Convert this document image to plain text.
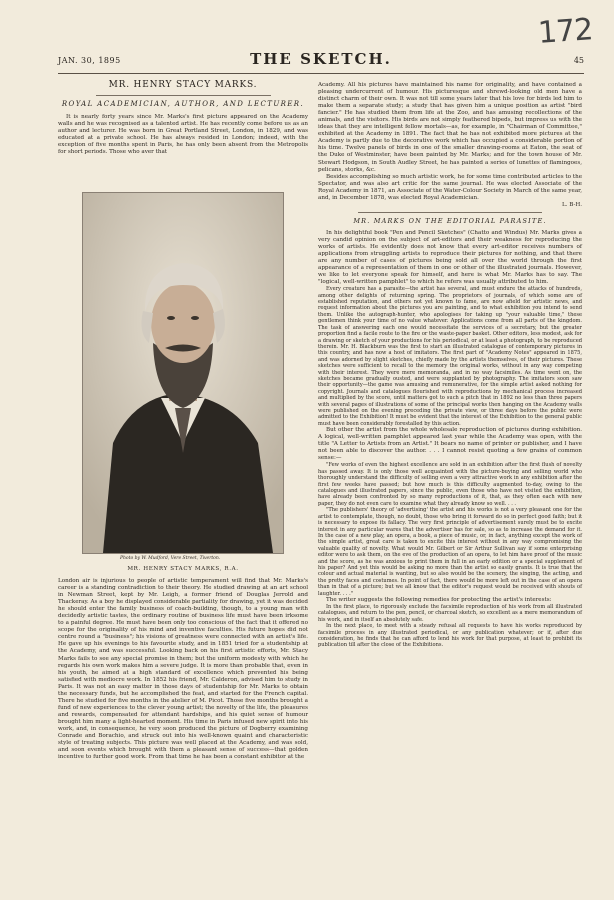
172
JAN. 30, 1895	THE SKETCH.	45
MR. HENRY STACY MARKS.
ROYAL ACADEMICIAN, AUTHOR, AND LECTURER.

It is nearly forty years since Mr. Marks's first picture appeared on the Academy walls and he was recognised as a talented artist. He has recently come before us as an author and lecturer. He was born in Great Portland Street, London, in 1829, and was educated at a private school. He has always resided in London; indeed, with the exception of five months spent in Paris, he has only been absent from the Metropolis for short periods. Those who aver that

Photo by W. Mudford, Vere Street, Tiverton.
MR. HENRY STACY MARKS, R.A.

London air is injurious to people of artistic temperament will find that Mr. Marks's career is a standing contradiction to their theory. He studied drawing at an art school in Newman Street, kept by Mr. Leigh, a former friend of Douglas Jerrold and Thackeray. As a boy he displayed considerable partiality for drawing, yet it was decided he should enter the family business of coach-building, though, to a young man with decidedly artistic tastes, the ordinary routine of business life must have been irksome to a painful degree. He must have been only too conscious of the fact that it offered no scope for the originality of his mind and inventive faculties. His future hopes did not centre round a "business"; his visions of greatness were connected with an artist's life. He gave up his evenings to his favourite study, and in 1851 tried for a studentship at the Academy, and was successful. Looking back on his first artistic efforts, Mr. Stacy Marks fails to see any special promise in them; but the uniform modesty with which he regards his own work makes him a severe judge. It is more than probable that, even in his youth, he aimed at a high standard of excellence which prevented his being satisfied with mediocre work. In 1852 his friend, Mr. Calderon, advised him to study in Paris. It was not an easy matter in those days of studentship for Mr. Marks to obtain the necessary funds, but he accomplished the feat, and started for the French capital. There he studied for five months in the atelier of M. Picot. Those five months brought a fund of new experiences to the clever young artist; the novelty of the life, the pleasures and rewards, compensated for attendant hardships, and his quiet sense of humour brought him many a light-hearted moment. His time in Paris infused new spirit into his work, and, in consequence, he very soon produced the picture of Dogberry examining Conrade and Borachio, and struck out into his well-known quaint and characteristic style of treating subjects. This picture was well placed at the Academy, and was sold, and soon events which brought with them a pleasant sense of success—that golden incentive to further good work. From that time he has been a constant exhibitor at the

Academy. All his pictures have maintained his name for originality, and have contained a pleasing undercurrent of humour. His picturesque and shrewd-looking old men have a distinct charm of their own. It was not till some years later that his love for birds led him to make them a separate study; a study that has given him a unique position as artist "bird fancier." He has studied them from life at the Zoo, and has amusing recollections of the animals, and the visitors. His birds are not simply feathered bipeds, but impress us with the ideas that they are intelligent fellow mortals—as, for example, in "Chairman of Committee," exhibited at the Academy in 1891. The fact that he has not exhibited more pictures at the Academy is partly due to the decorative work which has occupied a considerable portion of his time. Twelve panels of birds in one of the smaller drawing-rooms at Eaton, the seat of the Duke of Westminster, have been painted by Mr. Marks; and for the town house of Mr. Stewart Hodgson, in South Audley Street, he has painted a series of lunettes of flamingoes, pelicans, storks, &c.

Besides accomplishing so much artistic work, he for some time contributed articles to the Spectator, and was also art critic for the same journal. He was elected Associate of the Royal Academy in 1871, an Associate of the Water-Colour Society in March of the same year, and, in December 1878, was elected Royal Academician.

L. B-H.
MR. MARKS ON THE EDITORIAL PARASITE.

In his delightful book "Pen and Pencil Sketches" (Chatto and Windus) Mr. Marks gives a very candid opinion on the subject of art-editors and their weakness for reproducing the works of artists. He evidently does not know that every art-editor receives numbers of applications from struggling artists to reproduce their pictures for nothing, and that there are any number of cases of pictures being sold all over the world through the first appearance of a representation of them in one or other of the illustrated journals. However, we like to let everyone speak for himself, and here is what Mr. Marks has to say. The "logical, well-written pamphlet" to which he refers was usually attributed to him.

Every creature has a parasite—the artist has several, and must endure the attacks of hundreds, among other delights of returning spring. The proprietors of journals, of which some are of established reputation, and others not yet known to fame, are now afield for artistic news, and request information about the pictures you are painting, and to what exhibition you intend to send them. Unlike the autograph-hunter, who apologises for taking up "your valuable time," these gentlemen think your time of no value whatever. Applications come from all parts of the kingdom. The task of answering each one would necessitate the services of a secretary, but the greater proportion find a facile route to the fire or the waste-paper basket. Other editors, less modest, ask for a drawing or sketch of your productions for his periodical, or at least a photograph, to be reproduced therein. Mr. H. Blackburn was the first to start an illustrated catalogue of contemporary pictures in this country, and has now a host of imitators. The first part of "Academy Notes" appeared in 1875, and was adorned by slight sketches, chiefly made by the artists themselves, of their pictures. These sketches were sufficient to recall to the memory the original works, without in any way competing with their interest. They were mere memoranda, and in no way facsimiles. As time went on, the sketches became gradually ousted, and were supplanted by photography. The imitators soon saw their opportunity—the game was amusing and remunerative, for the simple artist asked nothing for copyright. Journals and catalogues flourished with reproductions by mechanical process increased and multiplied by the score, until matters got to such a pitch that in 1892 no less than three papers with several pages of illustrations of some of the principal works then hanging on the Academy walls were published on the evening preceding the private view, or three days before the public were admitted to the Exhibition! It must be evident that the interest of the Exhibition to the general public must have been considerably forestalled by this action.

But other the artist from the whole wholesale reproduction of pictures during exhibition. A logical, well-written pamphlet appeared last year while the Academy was open, with the title "A Letter to Artists from an Artist." It bears no name of printer or publisher, and I have not been able to discover the author. . . . I cannot resist quoting a few grains of common sense:—

"Few works of even the highest excellence are sold in an exhibition after the first flush of novelty has passed away. It is only those well acquainted with the picture-buying and selling world who thoroughly understand the difficulty of selling even a very attractive work in any exhibition after the first few weeks have passed; but how much is this difficulty augmented to-day, owing to the catalogues and illustrated papers, since the public, even those who have not visited the exhibition, have already been confronted by so many reproductions of it, that, as they often each with new paper, they do not even care to examine what they already know so well. . . .

"The publishers' theory of 'advertising' the artist and his works is not a very pleasant one for the artist to contemplate, though, no doubt, those who bring it forward do so in perfect good faith; but it is necessary to expose its fallacy. The very first principle of advertisement surely must be to excite interest in any particular wares that the advertiser has for sale, so as to increase the demand for it. In the case of a new play, an opera, a book, a piece of music, or, in fact, anything except the work of the simple artist, great care is taken to excite this interest without in any way compromising the valuable quality of novelty. What would Mr. Gilbert or Sir Arthur Sullivan say if some enterprising editor were to ask them, on the eve of the production of an opera, to let him have proof of the music and the score, as he was anxious to print them in full in an early edition or a special supplement of his paper? And yet this would be asking no more than the artist so easily grants. It is true that the colour and actual material is wanting, but so also would be the scenery, the singing, the acting, and the pretty faces and costumes. In point of fact, there would be more left out in the case of an opera than in that of a picture; but we all know that the editor's request would be received with shouts of laughter. . . ."

The writer suggests the following remedies for protecting the artist's interests:

In the first place, to rigorously exclude the facsimile reproduction of his work from all illustrated catalogues, and return to the pen, pencil, or charcoal sketch, so excellent as a mere memorandum of his work, and in itself an absolutely safe.

In the next place, to meet with a steady refusal all requests to have his works reproduced by facsimile process in any illustrated periodical, or any publication whatever; or if, after due consideration, he finds that he can afford to lend his work for that purpose, at least to prohibit its publication till after the close of the Exhibitions.
